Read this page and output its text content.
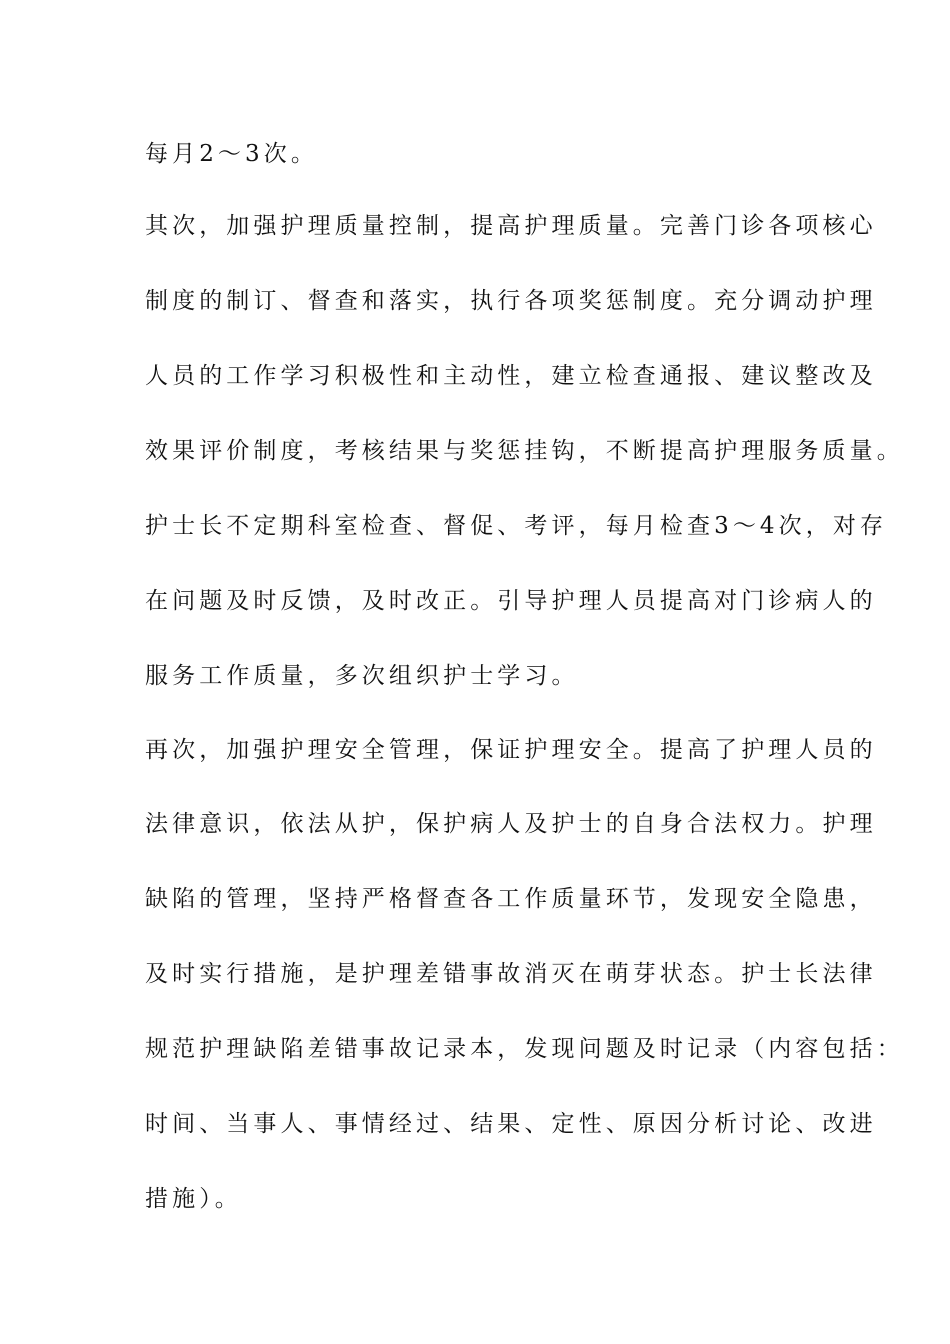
每月2～3次。
其次，加强护理质量控制，提高护理质量。完善门诊各项核心
制度的制订、督查和落实，执行各项奖惩制度。充分调动护理
人员的工作学习积极性和主动性，建立检查通报、建议整改及
效果评价制度，考核结果与奖惩挂钩，不断提高护理服务质量。
护士长不定期科室检查、督促、考评，每月检查3～4次，对存
在问题及时反馈，及时改正。引导护理人员提高对门诊病人的
服务工作质量，多次组织护士学习。
再次，加强护理安全管理，保证护理安全。提高了护理人员的
法律意识，依法从护，保护病人及护士的自身合法权力。护理
缺陷的管理，坚持严格督查各工作质量环节，发现安全隐患，
及时实行措施，是护理差错事故消灭在萌芽状态。护士长法律
规范护理缺陷差错事故记录本，发现问题及时记录（内容包括：
时间、当事人、事情经过、结果、定性、原因分析讨论、改进
措施）。
